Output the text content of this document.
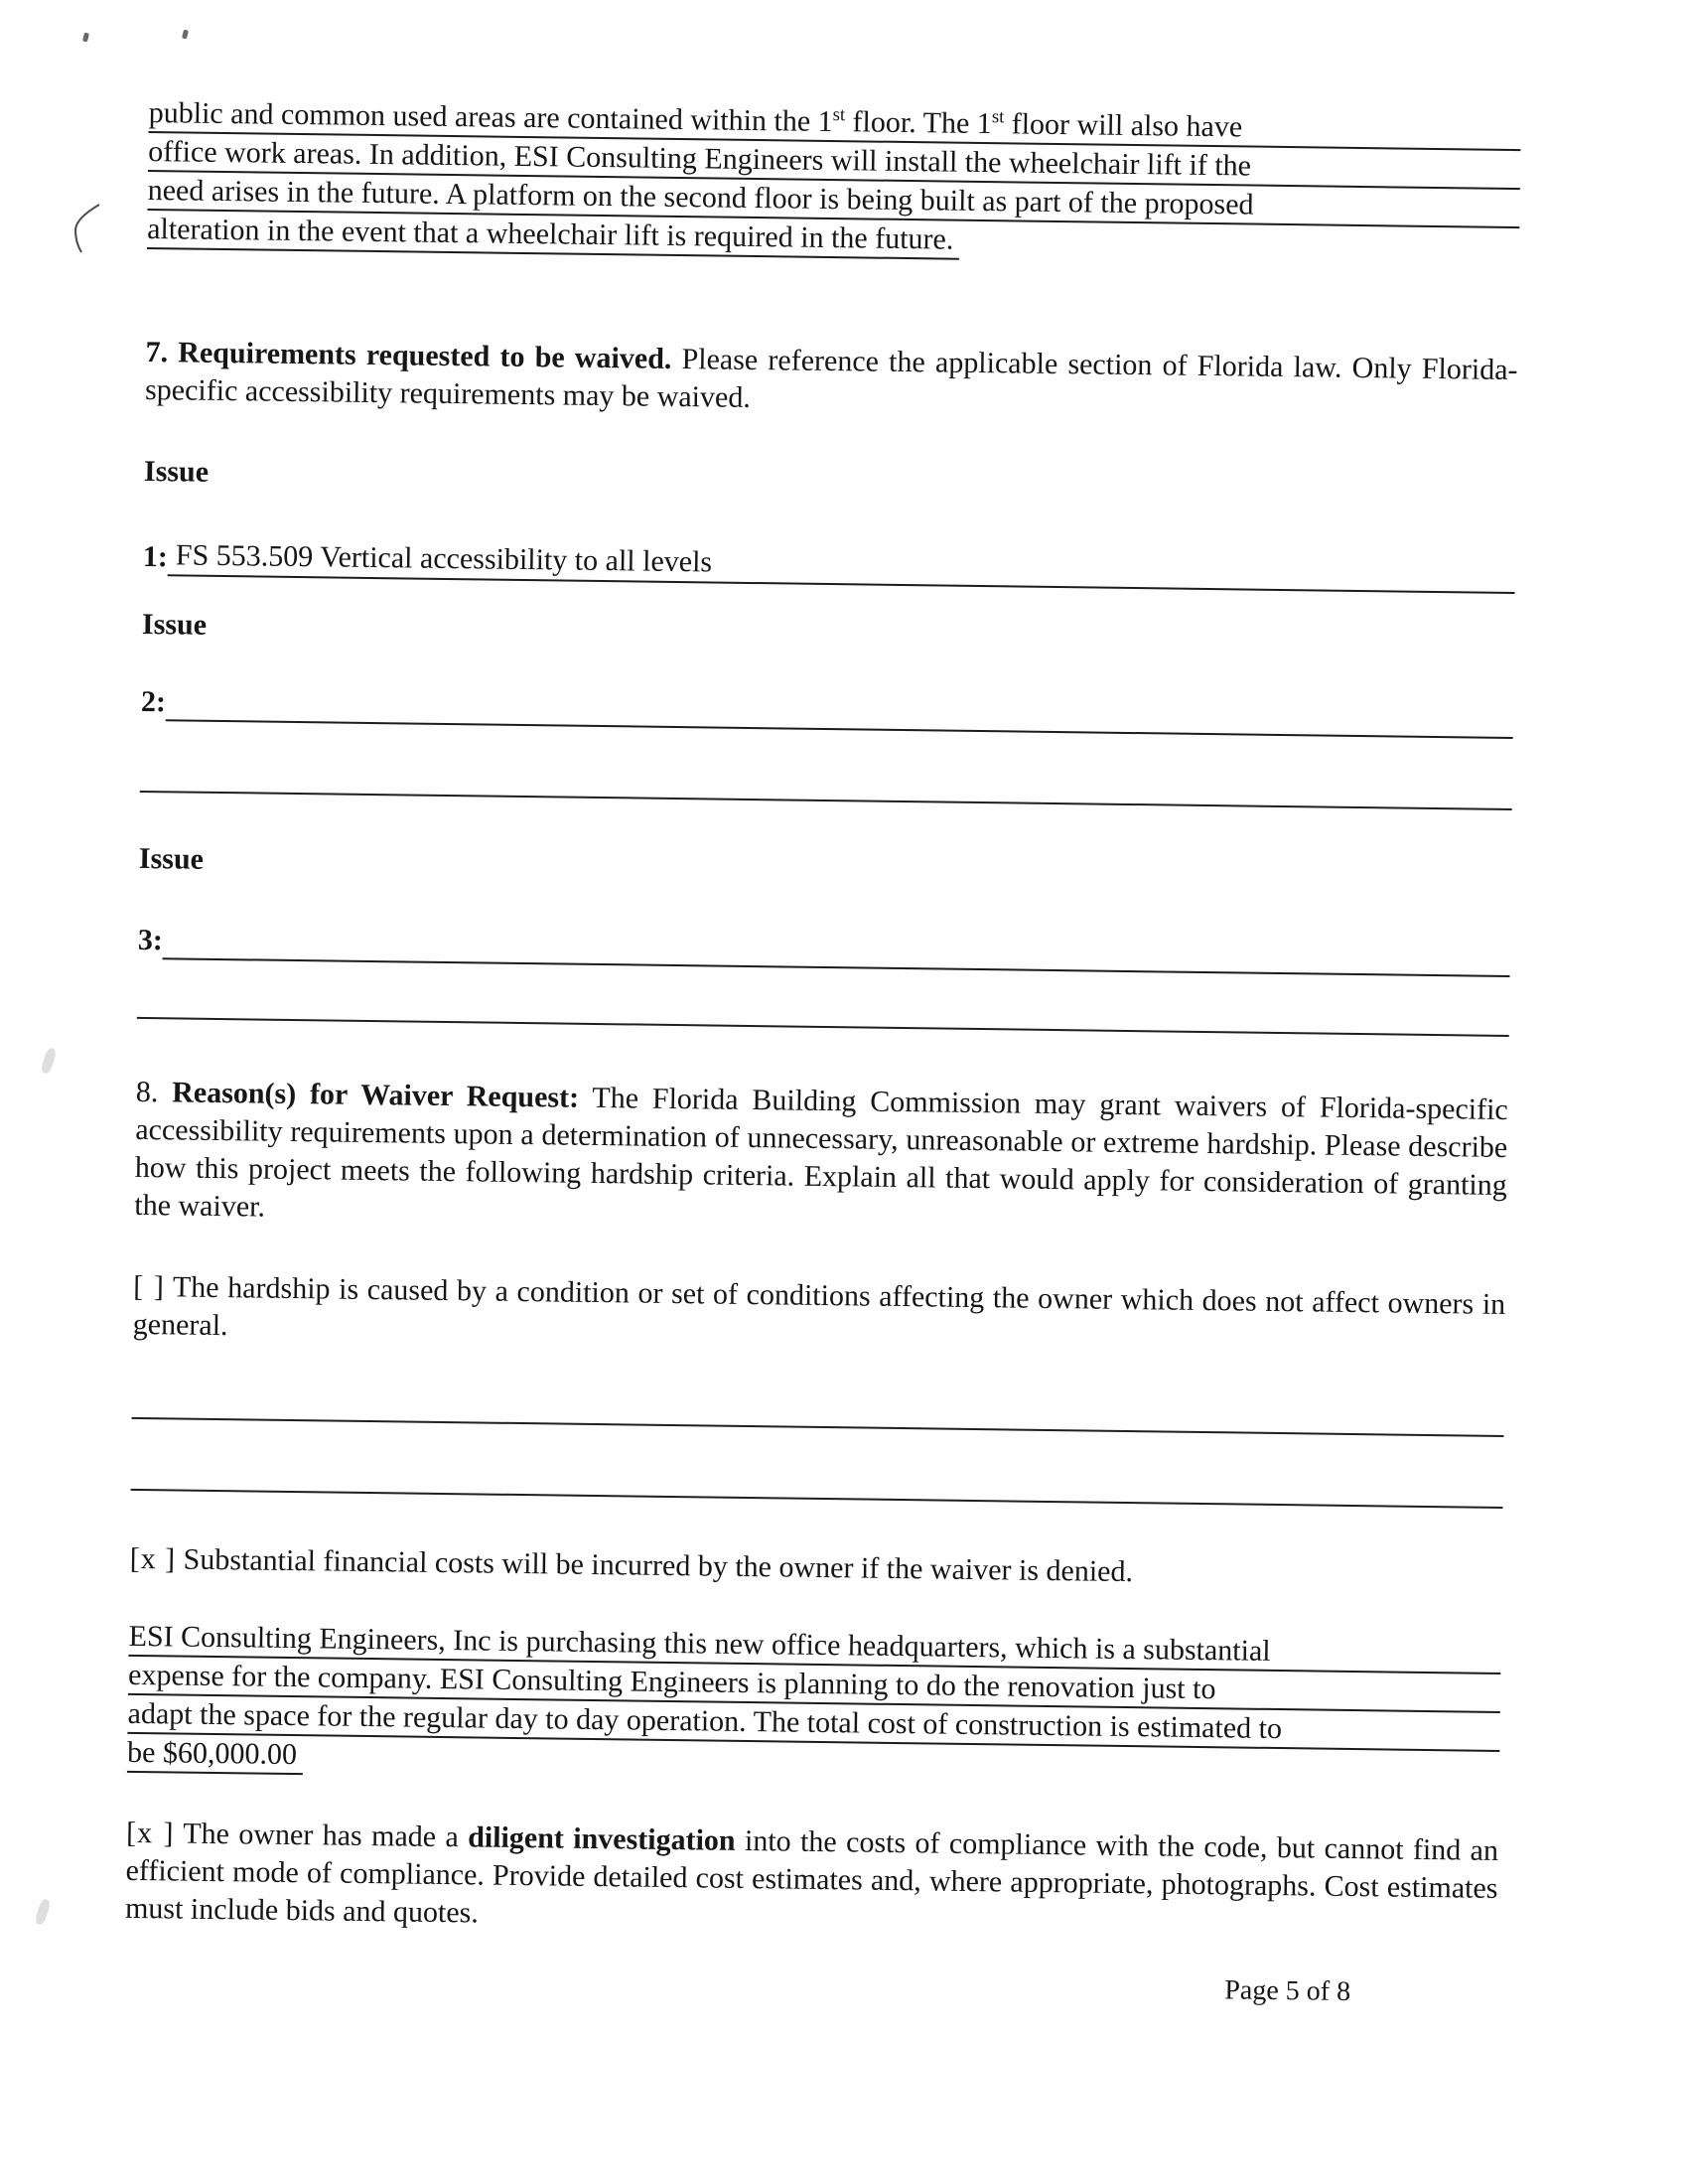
public and common used areas are contained within the 1st floor. The 1st floor will also have
office work areas. In addition, ESI Consulting Engineers will install the wheelchair lift if the
need arises in the future. A platform on the second floor is being built as part of the proposed
alteration in the event that a wheelchair lift is required in the future.

7. Requirements requested to be waived. Please reference the applicable section of Florida law. Only Florida-specific accessibility requirements may be waived.

Issue
1: FS 553.509 Vertical accessibility to all levels
Issue
2:
Issue
3:

8. Reason(s) for Waiver Request: The Florida Building Commission may grant waivers of Florida-specific accessibility requirements upon a determination of unnecessary, unreasonable or extreme hardship. Please describe how this project meets the following hardship criteria. Explain all that would apply for consideration of granting the waiver.

[ ] The hardship is caused by a condition or set of conditions affecting the owner which does not affect owners in general.

[x ] Substantial financial costs will be incurred by the owner if the waiver is denied.

ESI Consulting Engineers, Inc is purchasing this new office headquarters, which is a substantial
expense for the company. ESI Consulting Engineers is planning to do the renovation just to
adapt the space for the regular day to day operation. The total cost of construction is estimated to
be $60,000.00

[x ] The owner has made a diligent investigation into the costs of compliance with the code, but cannot find an efficient mode of compliance. Provide detailed cost estimates and, where appropriate, photographs. Cost estimates must include bids and quotes.

Page 5 of 8
